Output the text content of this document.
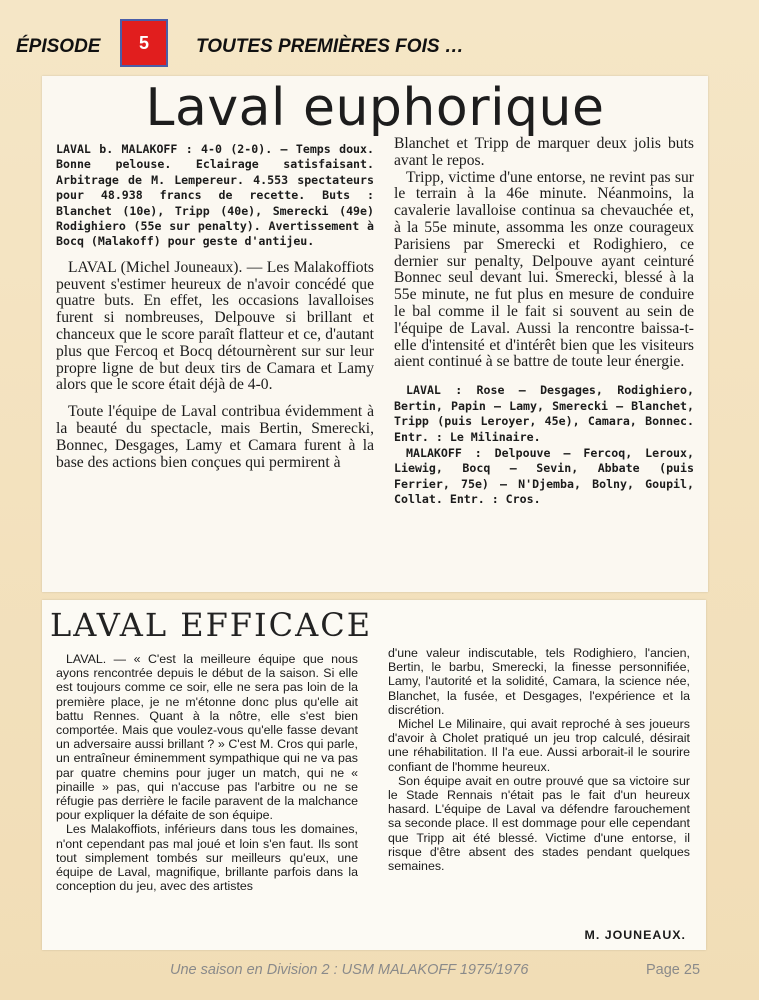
ÉPISODE 5 TOUTES PREMIÈRES FOIS …
Laval euphorique

LAVAL b. MALAKOFF : 4-0 (2-0). — Temps doux. Bonne pelouse. Eclairage satisfaisant. Arbitrage de M. Lempereur. 4.553 spectateurs pour 48.938 francs de recette. Buts : Blanchet (10e), Tripp (40e), Smerecki (49e) Rodighiero (55e sur penalty). Avertissement à Bocq (Malakoff) pour geste d'antijeu.

LAVAL (Michel Jouneaux). — Les Malakoffiots peuvent s'estimer heureux de n'avoir concédé que quatre buts. En effet, les occasions lavalloises furent si nombreuses, Delpouve si brillant et chanceux que le score paraît flatteur et ce, d'autant plus que Fercoq et Bocq détournèrent sur sur leur propre ligne de but deux tirs de Camara et Lamy alors que le score était déjà de 4-0.

Toute l'équipe de Laval contribua évidemment à la beauté du spectacle, mais Bertin, Smerecki, Bonnec, Desgages, Lamy et Camara furent à la base des actions bien conçues qui permirent à

Blanchet et Tripp de marquer deux jolis buts avant le repos.

Tripp, victime d'une entorse, ne revint pas sur le terrain à la 46e minute. Néanmoins, la cavalerie lavalloise continua sa chevauchée et, à la 55e minute, assomma les onze courageux Parisiens par Smerecki et Rodighiero, ce dernier sur penalty, Delpouve ayant ceinturé Bonnec seul devant lui. Smerecki, blessé à la 55e minute, ne fut plus en mesure de conduire le bal comme il le fait si souvent au sein de l'équipe de Laval. Aussi la rencontre baissa-t-elle d'intensité et d'intérêt bien que les visiteurs aient continué à se battre de toute leur énergie.

LAVAL : Rose — Desgages, Rodighiero, Bertin, Papin — Lamy, Smerecki — Blanchet, Tripp (puis Leroyer, 45e), Camara, Bonnec. Entr. : Le Milinaire.

MALAKOFF : Delpouve — Fercoq, Leroux, Liewig, Bocq — Sevin, Abbate (puis Ferrier, 75e) — N'Djemba, Bolny, Goupil, Collat. Entr. : Cros.

LAVAL EFFICACE

LAVAL. — « C'est la meilleure équipe que nous ayons rencontrée depuis le début de la saison. Si elle est toujours comme ce soir, elle ne sera pas loin de la première place, je ne m'étonne donc plus qu'elle ait battu Rennes. Quant à la nôtre, elle s'est bien comportée. Mais que voulez-vous qu'elle fasse devant un adversaire aussi brillant ? » C'est M. Cros qui parle, un entraîneur éminemment sympathique qui ne va pas par quatre chemins pour juger un match, qui ne « pinaille » pas, qui n'accuse pas l'arbitre ou ne se réfugie pas derrière le facile paravent de la malchance pour expliquer la défaite de son équipe.

Les Malakoffiots, inférieurs dans tous les domaines, n'ont cependant pas mal joué et loin s'en faut. Ils sont tout simplement tombés sur meilleurs qu'eux, une équipe de Laval, magnifique, brillante parfois dans la conception du jeu, avec des artistes

d'une valeur indiscutable, tels Rodighiero, l'ancien, Bertin, le barbu, Smerecki, la finesse personnifiée, Lamy, l'autorité et la solidité, Camara, la science née, Blanchet, la fusée, et Desgages, l'expérience et la discrétion.

Michel Le Milinaire, qui avait reproché à ses joueurs d'avoir à Cholet pratiqué un jeu trop calculé, désirait une réhabilitation. Il l'a eue. Aussi arborait-il le sourire confiant de l'homme heureux.

Son équipe avait en outre prouvé que sa victoire sur le Stade Rennais n'était pas le fait d'un heureux hasard. L'équipe de Laval va défendre farouchement sa seconde place. Il est dommage pour elle cependant que Tripp ait été blessé. Victime d'une entorse, il risque d'être absent des stades pendant quelques semaines.

M. JOUNEAUX.
Une saison en Division 2 : USM MALAKOFF 1975/1976	Page 25
